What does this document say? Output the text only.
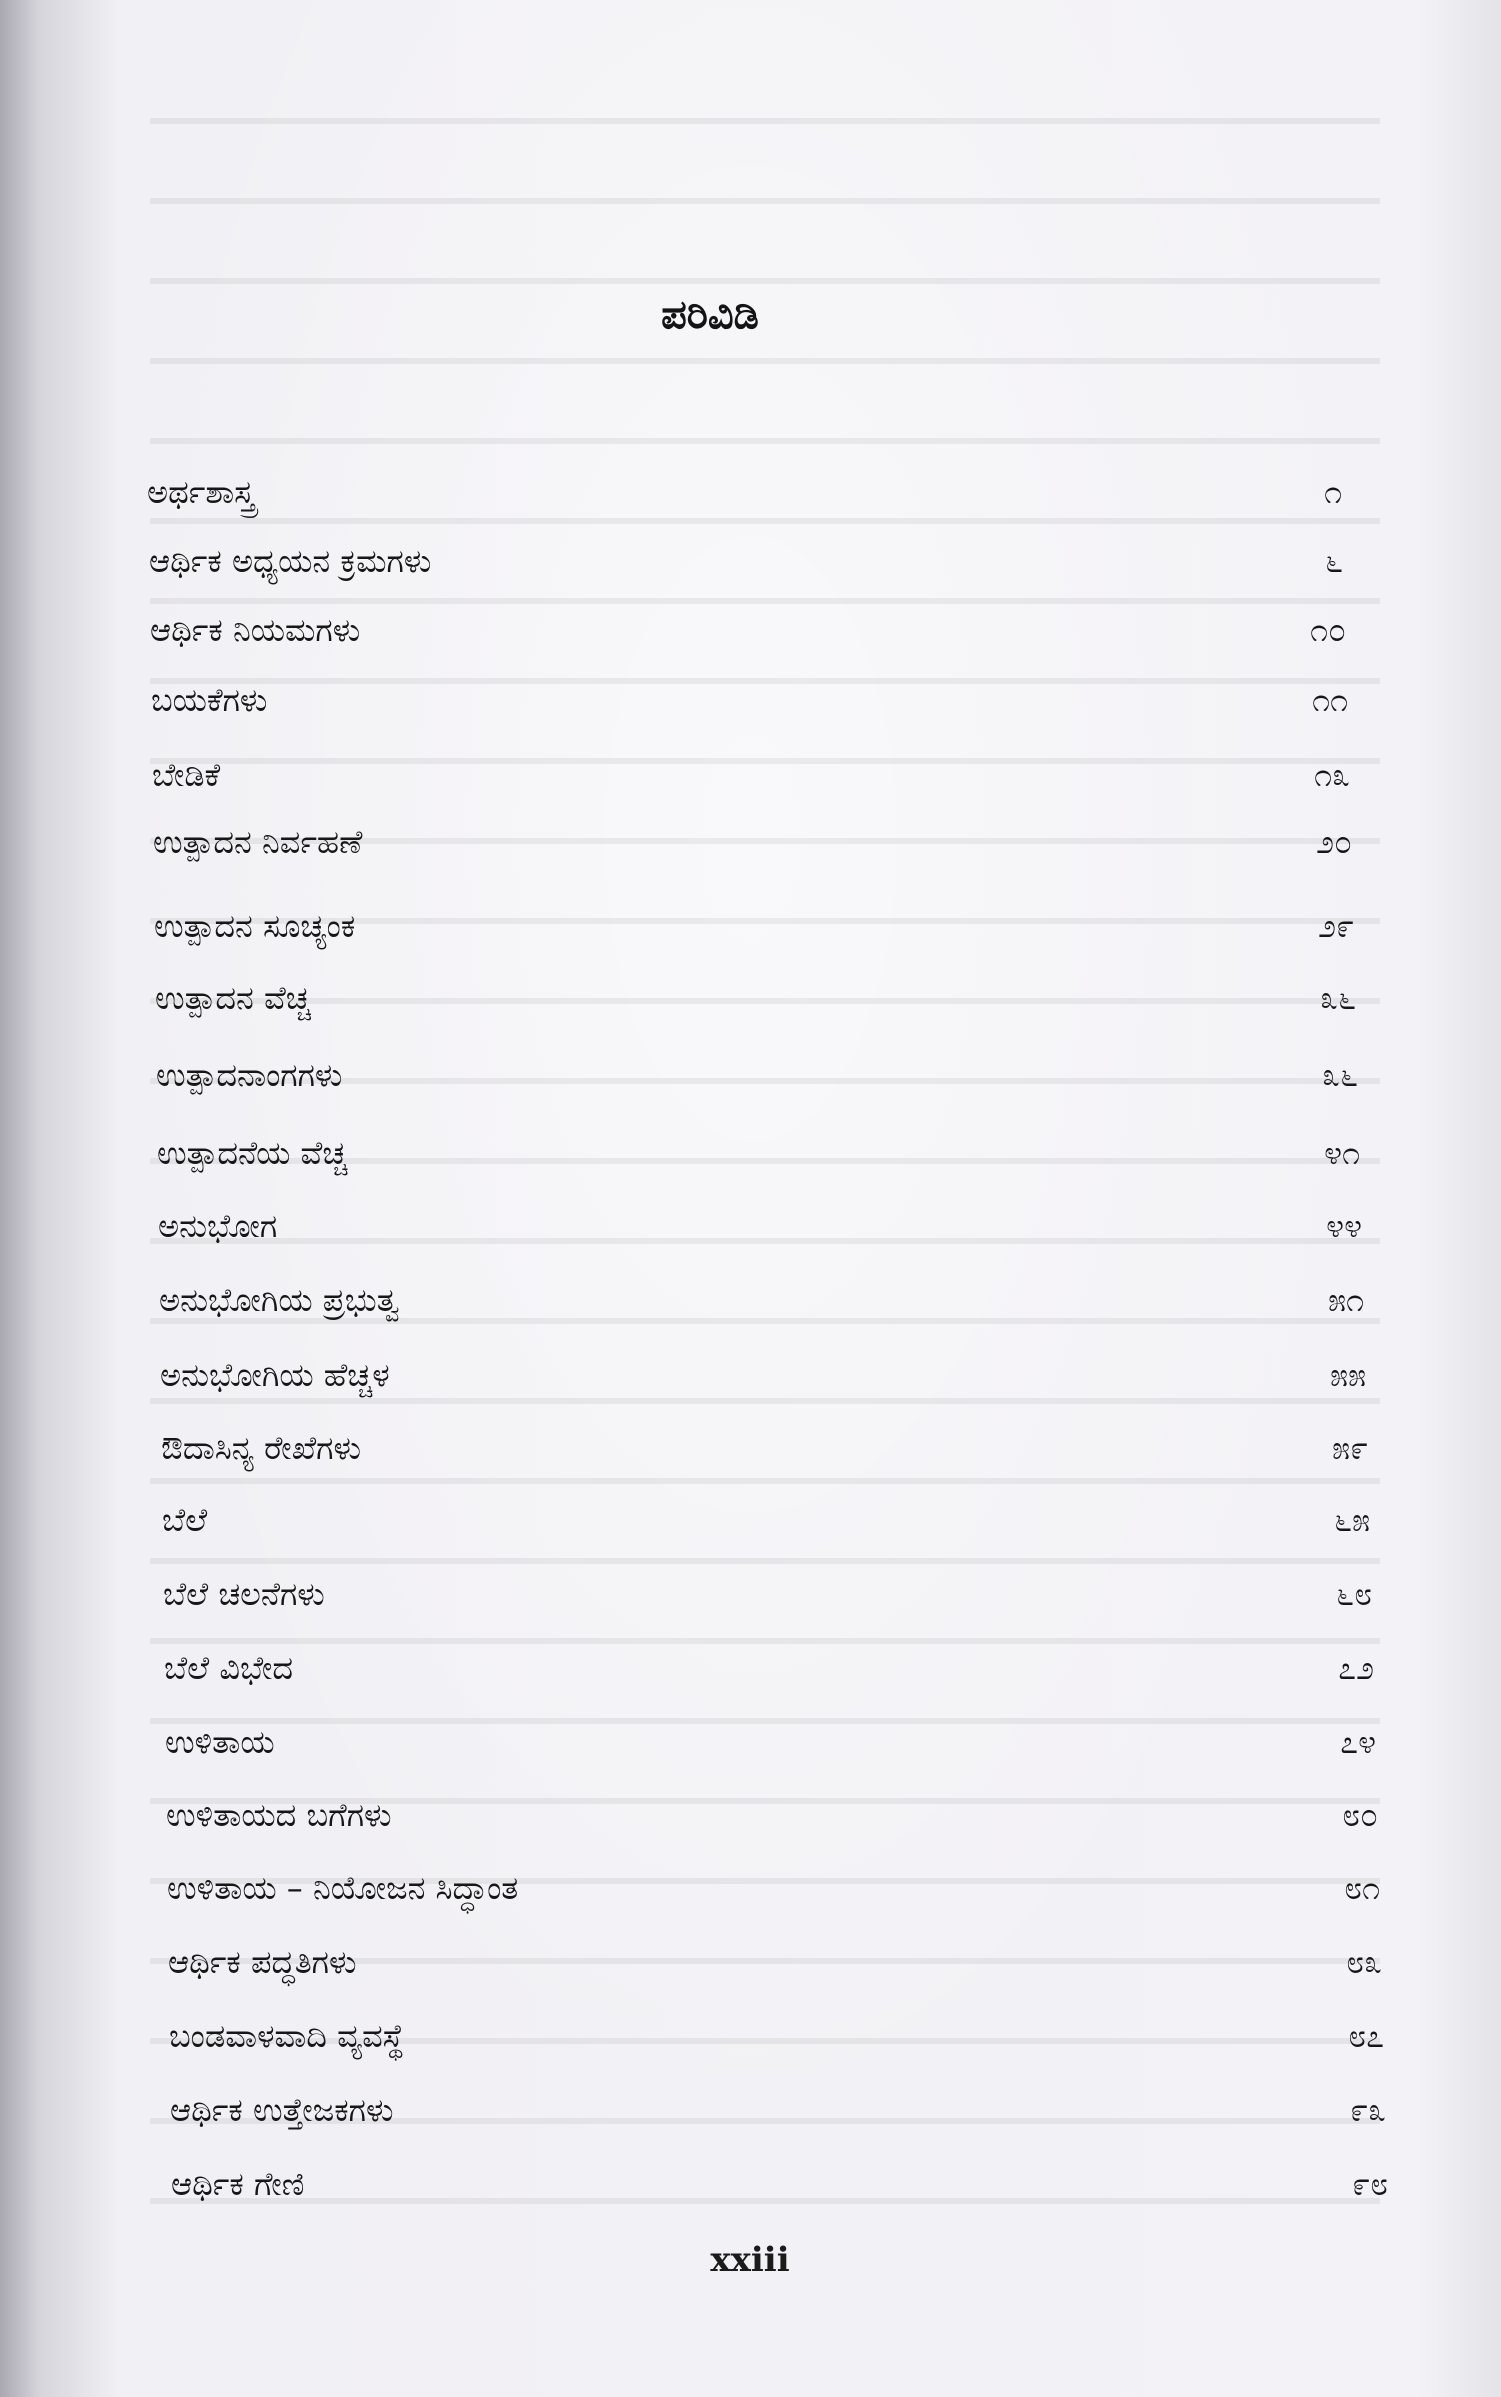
ಪರಿವಿಡಿ
ಅರ್ಥಶಾಸ್ತ್ರ	೧
ಆರ್ಥಿಕ ಅಧ್ಯಯನ ಕ್ರಮಗಳು	೬
ಆರ್ಥಿಕ ನಿಯಮಗಳು	೧೦
ಬಯಕೆಗಳು	೧೧
ಬೇಡಿಕೆ	೧೩
ಉತ್ಪಾದನ ನಿರ್ವಹಣೆ	೨೦
ಉತ್ಪಾದನ ಸೂಚ್ಯಂಕ	೨೯
ಉತ್ಪಾದನ ವೆಚ್ಚ	೩೬
ಉತ್ಪಾದನಾಂಗಗಳು	೩೬
ಉತ್ಪಾದನೆಯ ವೆಚ್ಚ	೪೧
ಅನುಭೋಗ	೪೪
ಅನುಭೋಗಿಯ ಪ್ರಭುತ್ವ	೫೧
ಅನುಭೋಗಿಯ ಹೆಚ್ಚಳ	೫೫
ಔದಾಸಿನ್ಯ ರೇಖೆಗಳು	೫೯
ಬೆಲೆ	೬೫
ಬೆಲೆ ಚಲನೆಗಳು	೬೮
ಬೆಲೆ ವಿಭೇದ	೭೨
ಉಳಿತಾಯ	೭೪
ಉಳಿತಾಯದ ಬಗೆಗಳು	೮೦
ಉಳಿತಾಯ – ನಿಯೋಜನ ಸಿದ್ಧಾಂತ	೮೧
ಆರ್ಥಿಕ ಪದ್ಧತಿಗಳು	೮೩
ಬಂಡವಾಳವಾದಿ ವ್ಯವಸ್ಥೆ	೮೭
ಆರ್ಥಿಕ ಉತ್ತೇಜಕಗಳು	೯೩
ಆರ್ಥಿಕ ಗೇಣಿ	೯೮
xxiii
